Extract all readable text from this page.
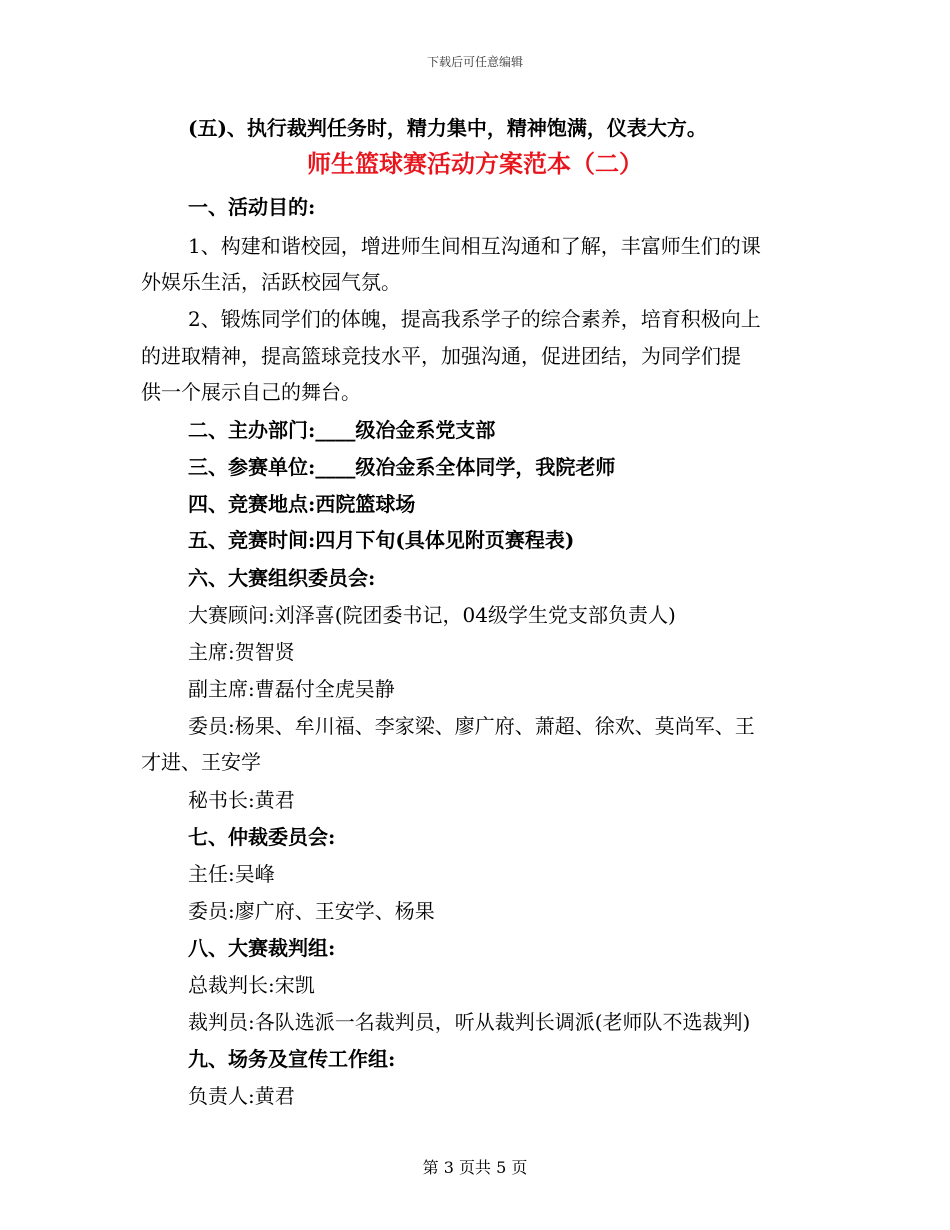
下载后可任意编辑
(五)、执行裁判任务时，精力集中，精神饱满，仪表大方。
师生篮球赛活动方案范本（二）
一、活动目的:
1、构建和谐校园，增进师生间相互沟通和了解，丰富师生们的课
外娱乐生活，活跃校园气氛。
2、锻炼同学们的体魄，提高我系学子的综合素养，培育积极向上
的进取精神，提高篮球竞技水平，加强沟通，促进团结，为同学们提
供一个展示自己的舞台。
二、主办部门:____级冶金系党支部
三、参赛单位:____级冶金系全体同学，我院老师
四、竞赛地点:西院篮球场
五、竞赛时间:四月下旬(具体见附页赛程表)
六、大赛组织委员会:
大赛顾问:刘泽喜(院团委书记，04级学生党支部负责人)
主席:贺智贤
副主席:曹磊付全虎吴静
委员:杨果、牟川福、李家梁、廖广府、萧超、徐欢、莫尚军、王
才进、王安学
秘书长:黄君
七、仲裁委员会:
主任:吴峰
委员:廖广府、王安学、杨果
八、大赛裁判组:
总裁判长:宋凯
裁判员:各队选派一名裁判员，听从裁判长调派(老师队不选裁判)
九、场务及宣传工作组:
负责人:黄君
第 3 页共 5 页
